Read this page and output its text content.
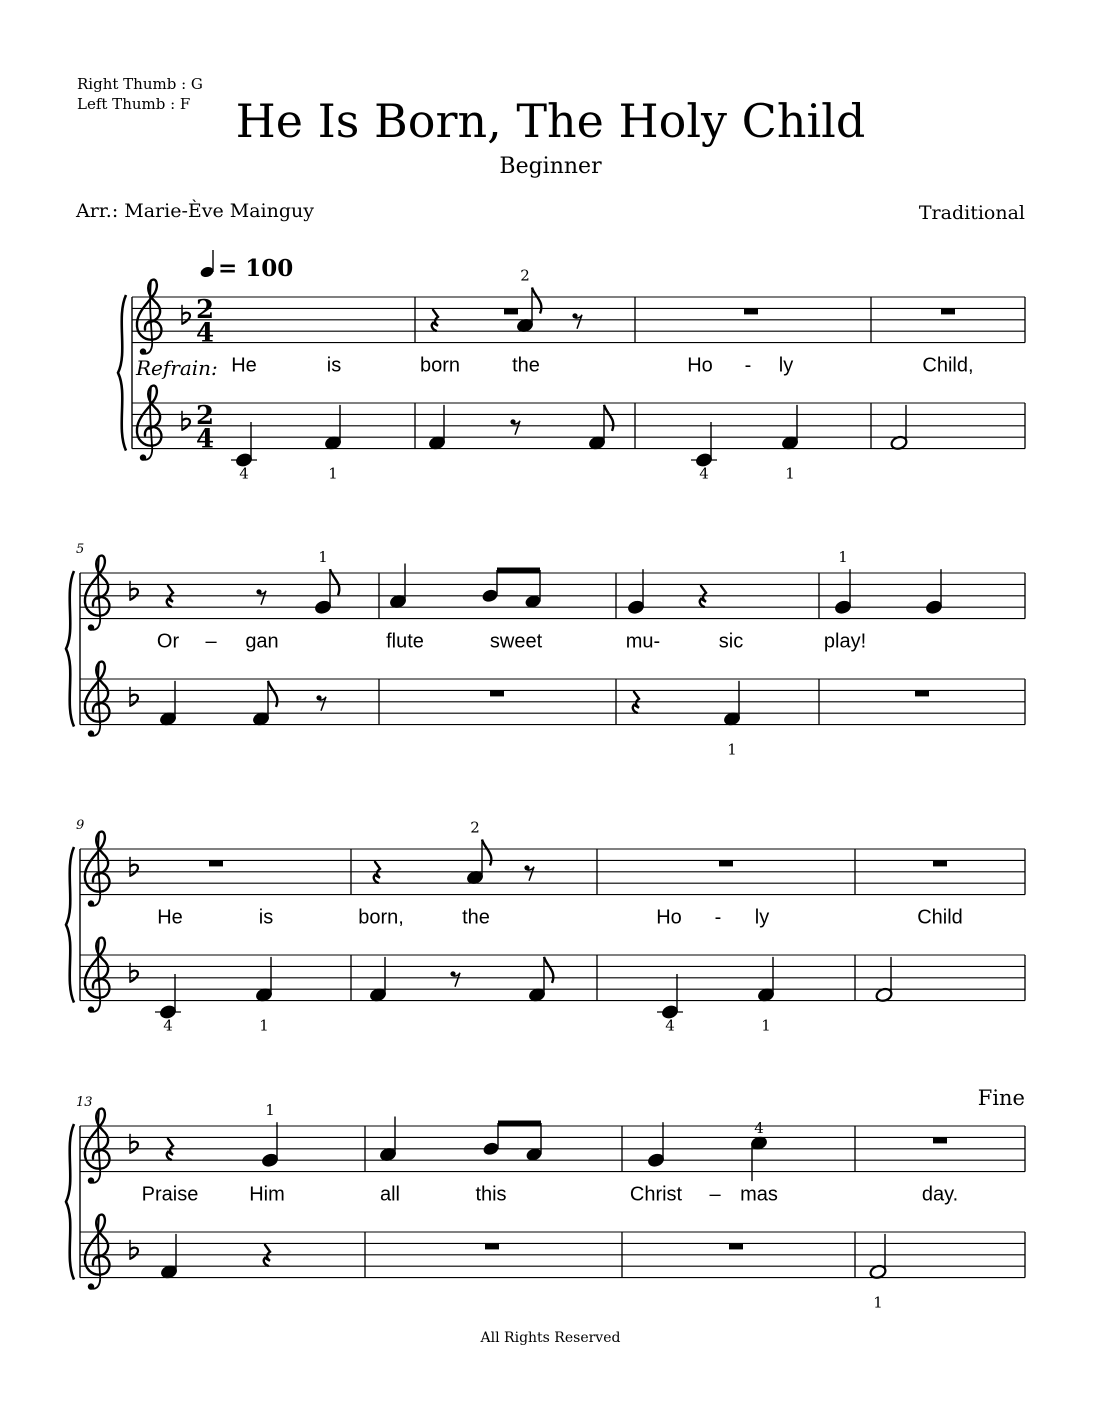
Right Thumb : G
Left Thumb : F He Is Born, The Holy Child
Beginner
Arr.: Marie-Ève Mainguy	Traditional
All Rights Reserved
2
4
2
4
= 100
Refrain:
2
4	1	4	1
He	is	born	the	Ho - ly	Child,
5	1	1
1
Or – gan	flute	sweet	mu-	sic	play!
9	2
4	1	4	1
He	is	born,	the	Ho - ly	Child
13	1
4
1
Praise	Him	all	this	Christ – mas	day.
Fine
